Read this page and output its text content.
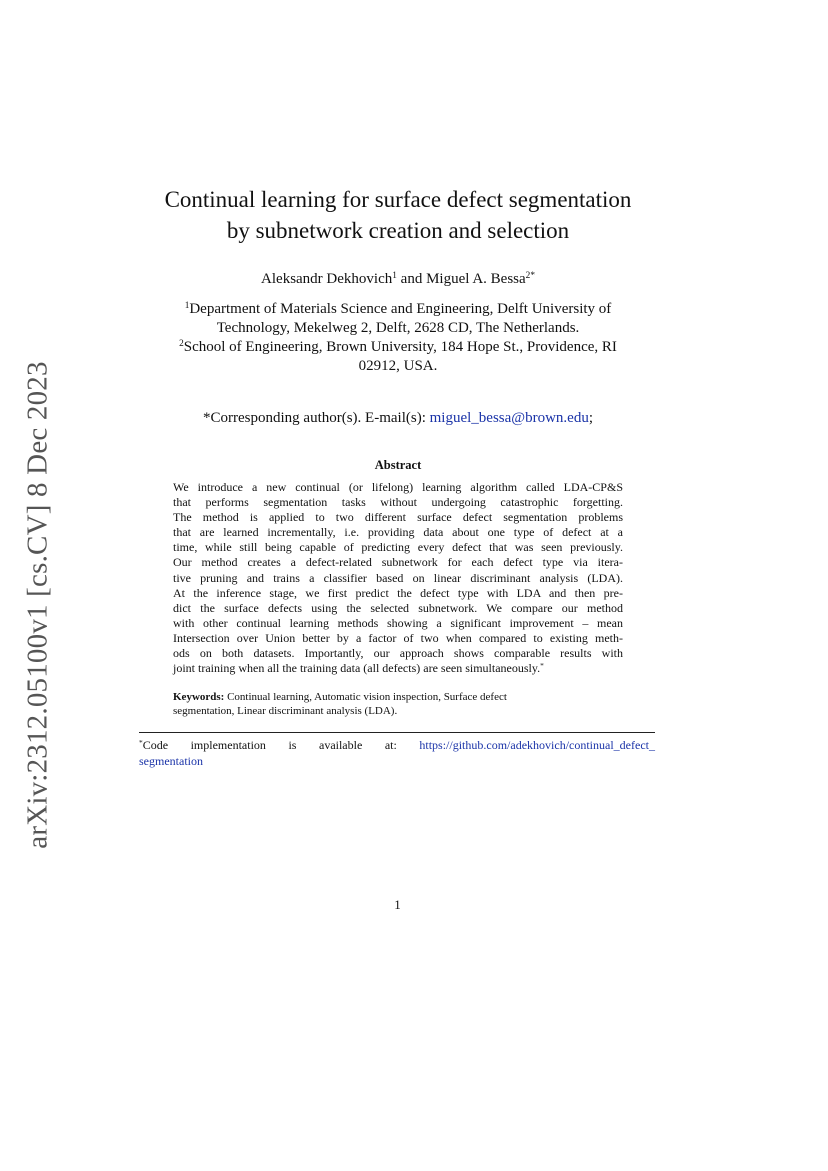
arXiv:2312.05100v1 [cs.CV] 8 Dec 2023
Continual learning for surface defect segmentation
by subnetwork creation and selection
Aleksandr Dekhovich$^1$ and Miguel A. Bessa$^{2*}$
$^1$Department of Materials Science and Engineering, Delft University of
Technology, Mekelweg 2, Delft, 2628 CD, The Netherlands.
$^2$School of Engineering, Brown University, 184 Hope St., Providence, RI
02912, USA.
*Corresponding author(s). E-mail(s): miguel_bessa@brown.edu;
Abstract
We introduce a new continual (or lifelong) learning algorithm called LDA-CP&S
that performs segmentation tasks without undergoing catastrophic forgetting.
The method is applied to two different surface defect segmentation problems
that are learned incrementally, i.e. providing data about one type of defect at a
time, while still being capable of predicting every defect that was seen previously.
Our method creates a defect-related subnetwork for each defect type via itera-
tive pruning and trains a classifier based on linear discriminant analysis (LDA).
At the inference stage, we first predict the defect type with LDA and then pre-
dict the surface defects using the selected subnetwork. We compare our method
with other continual learning methods showing a significant improvement – mean
Intersection over Union better by a factor of two when compared to existing meth-
ods on both datasets. Importantly, our approach shows comparable results with
joint training when all the training data (all defects) are seen simultaneously.*
Keywords: Continual learning, Automatic vision inspection, Surface defect
segmentation, Linear discriminant analysis (LDA).
*Code implementation is available at: https://github.com/adekhovich/continual_defect_
segmentation
1
